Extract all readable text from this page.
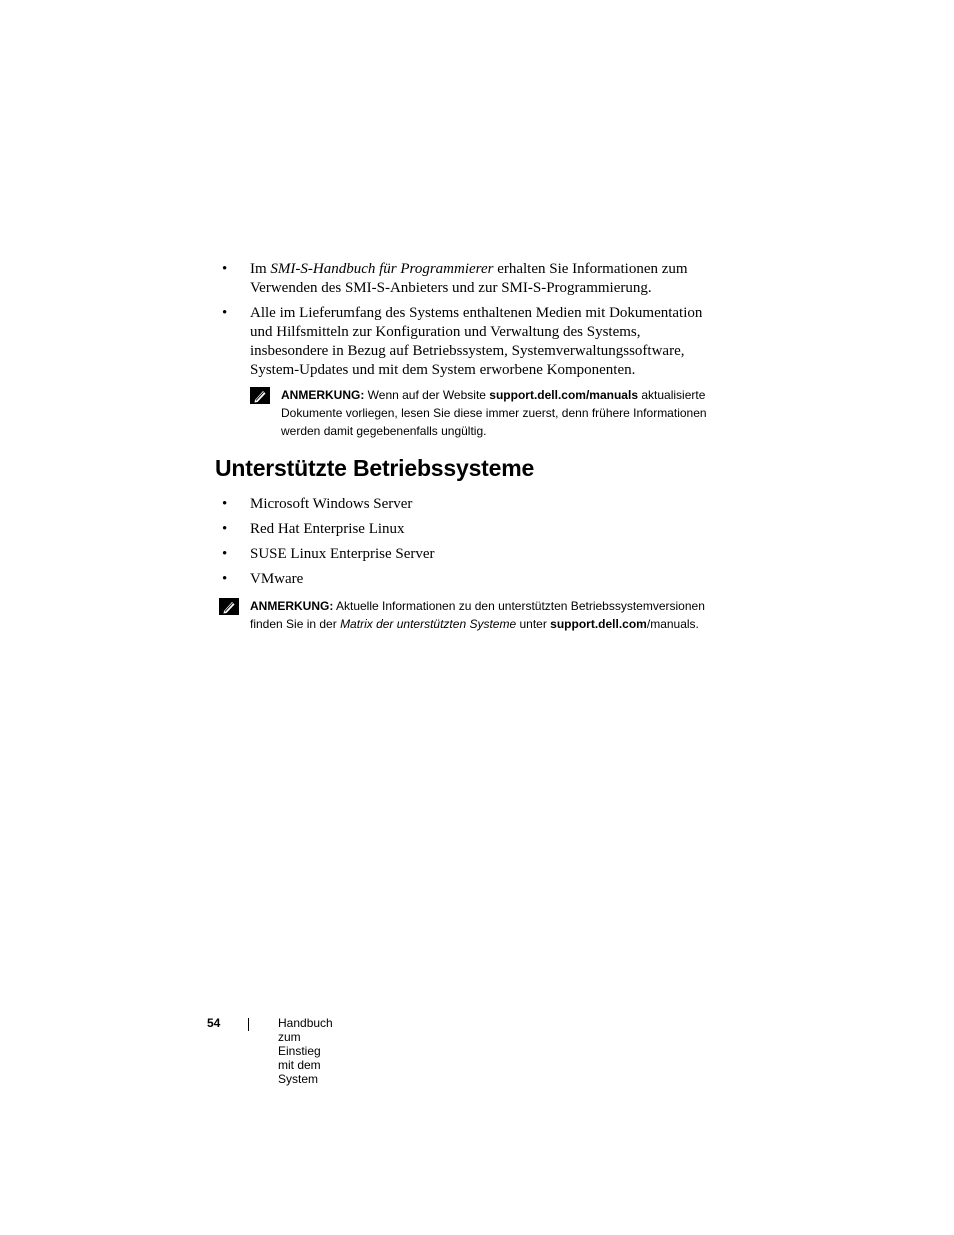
• Im SMI-S-Handbuch für Programmierer erhalten Sie Informationen zum Verwenden des SMI-S-Anbieters und zur SMI-S-Programmierung.
• Alle im Lieferumfang des Systems enthaltenen Medien mit Dokumentation und Hilfsmitteln zur Konfiguration und Verwaltung des Systems, insbesondere in Bezug auf Betriebssystem, Systemverwaltungssoftware, System-Updates und mit dem System erworbene Komponenten.
ANMERKUNG: Wenn auf der Website support.dell.com/manuals aktualisierte Dokumente vorliegen, lesen Sie diese immer zuerst, denn frühere Informationen werden damit gegebenenfalls ungültig.
Unterstützte Betriebssysteme
• Microsoft Windows Server
• Red Hat Enterprise Linux
• SUSE Linux Enterprise Server
• VMware
ANMERKUNG: Aktuelle Informationen zu den unterstützten Betriebssystemversionen finden Sie in der Matrix der unterstützten Systeme unter support.dell.com/manuals.
54	Handbuch zum Einstieg mit dem System
